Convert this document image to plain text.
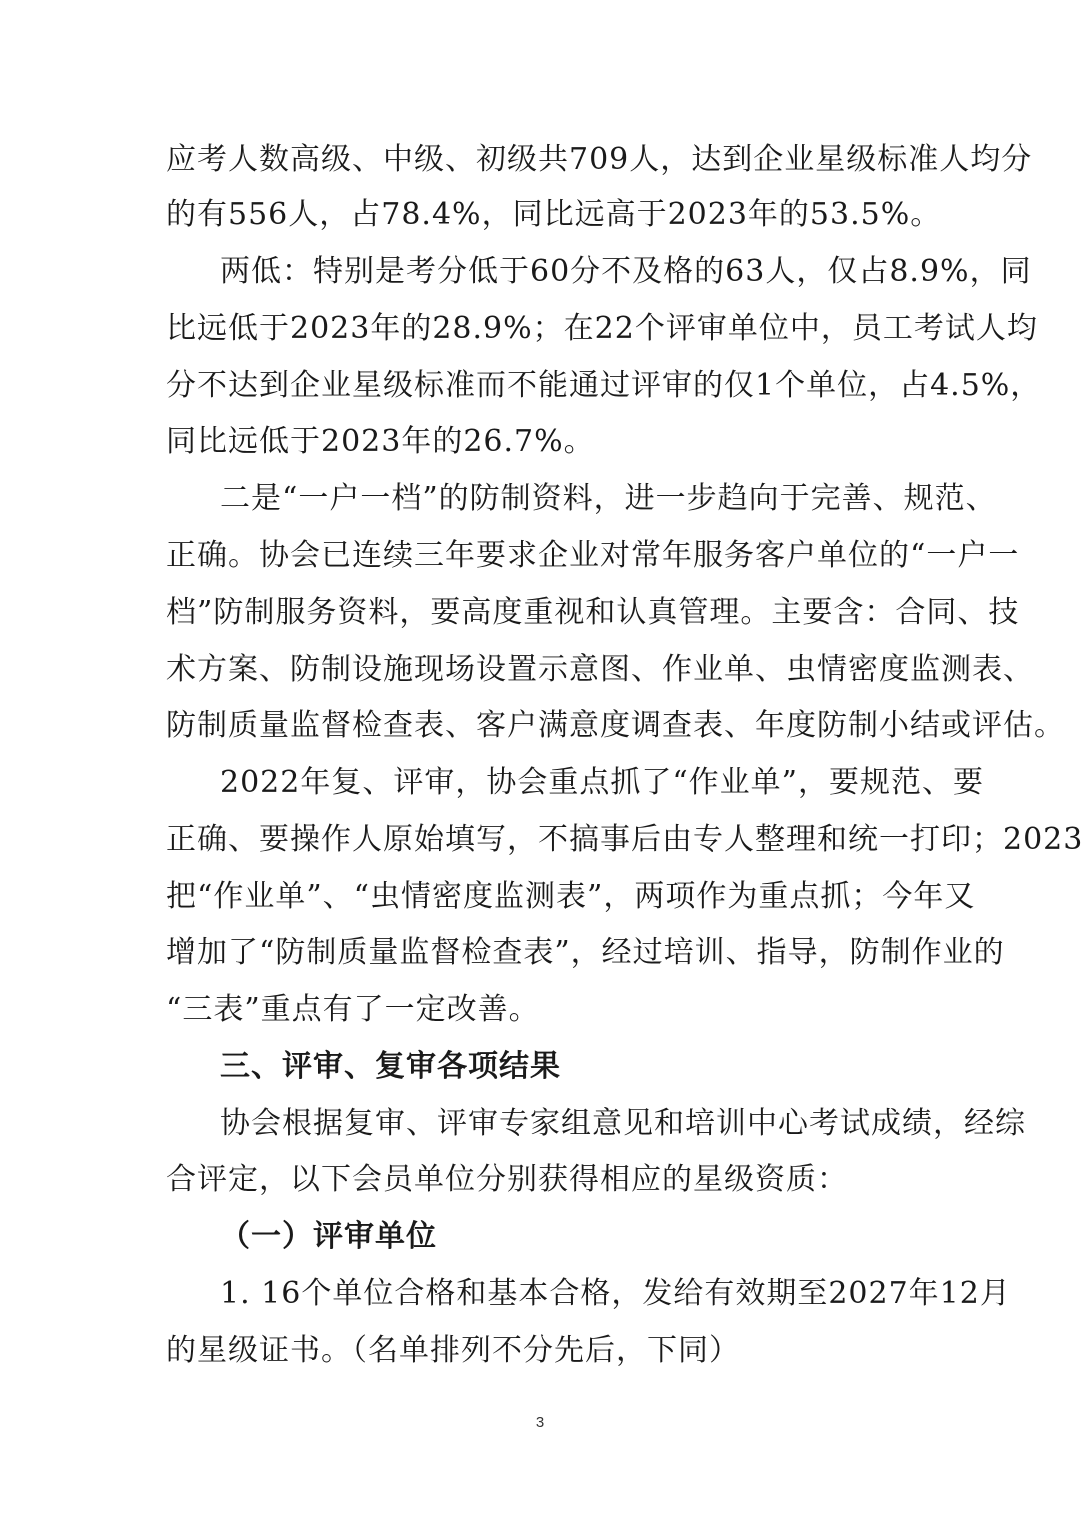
应考人数高级、中级、初级共709人，达到企业星级标准人均分
的有556人，占78.4%，同比远高于2023年的53.5%。
两低：特别是考分低于60分不及格的63人，仅占8.9%，同
比远低于2023年的28.9%；在22个评审单位中，员工考试人均
分不达到企业星级标准而不能通过评审的仅1个单位，占4.5%，
同比远低于2023年的26.7%。
二是“一户一档”的防制资料，进一步趋向于完善、规范、
正确。协会已连续三年要求企业对常年服务客户单位的“一户一
档”防制服务资料，要高度重视和认真管理。主要含：合同、技
术方案、防制设施现场设置示意图、作业单、虫情密度监测表、
防制质量监督检查表、客户满意度调查表、年度防制小结或评估。
2022年复、评审，协会重点抓了“作业单”，要规范、要
正确、要操作人原始填写，不搞事后由专人整理和统一打印；2023
把“作业单”、“虫情密度监测表”，两项作为重点抓；今年又
增加了“防制质量监督检查表”，经过培训、指导，防制作业的
“三表”重点有了一定改善。
三、评审、复审各项结果
协会根据复审、评审专家组意见和培训中心考试成绩，经综
合评定，以下会员单位分别获得相应的星级资质：
（一）评审单位
1. 16个单位合格和基本合格，发给有效期至2027年12月
的星级证书。（名单排列不分先后，下同）
3
